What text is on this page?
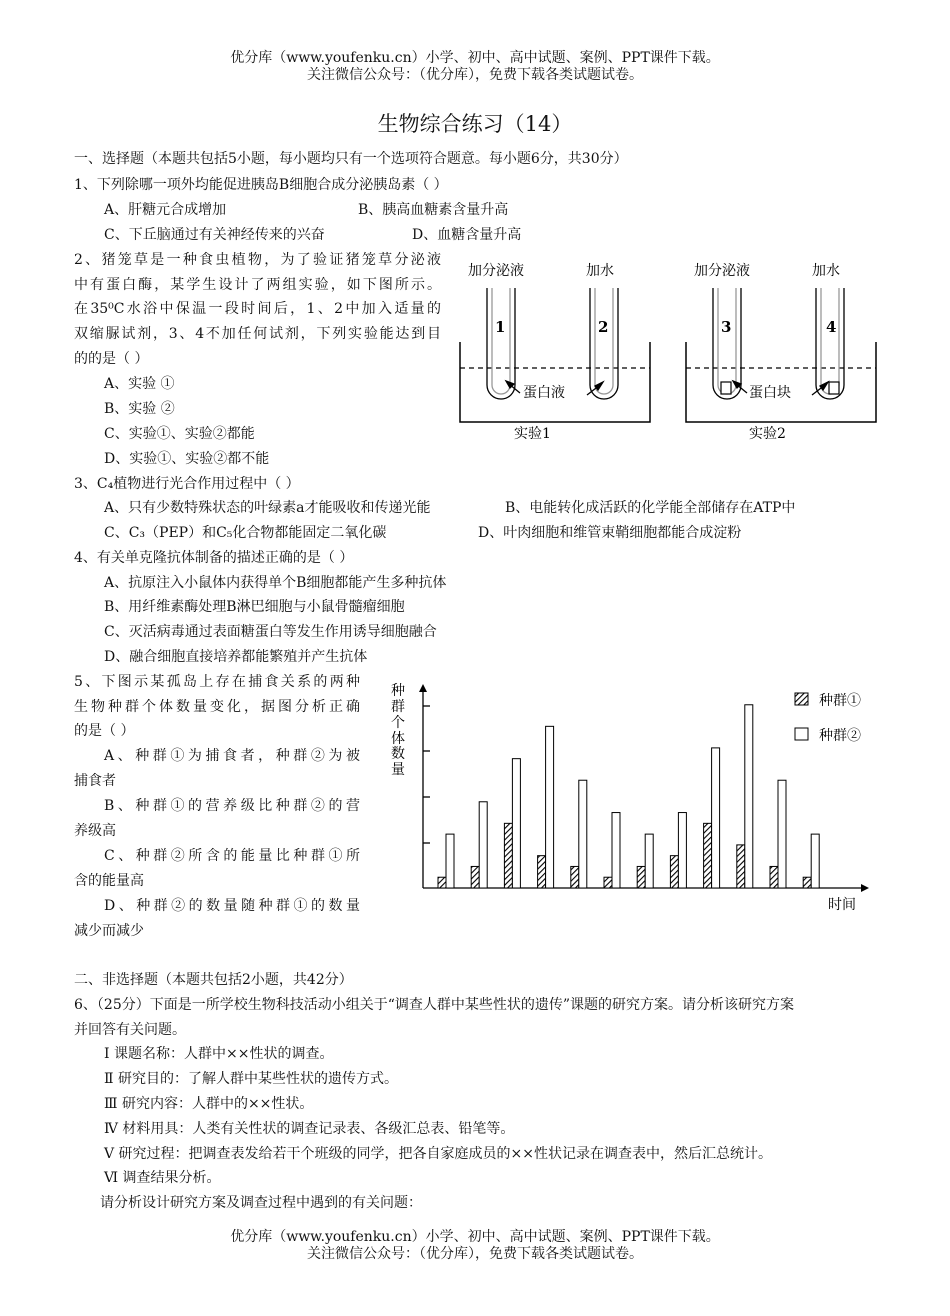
优分库（www.youfenku.cn）小学、初中、高中试题、案例、PPT课件下载。
关注微信公众号：（优分库），免费下载各类试题试卷。
生物综合练习（14）
一、选择题（本题共包括5小题，每小题均只有一个选项符合题意。每小题6分，共30分）
1、下列除哪一项外均能促进胰岛B细胞合成分泌胰岛素（ ）
A、肝糖元合成增加	B、胰高血糖素含量升高
C、下丘脑通过有关神经传来的兴奋	D、血糖含量升高
2、猪笼草是一种食虫植物，为了验证猪笼草分泌液
中有蛋白酶，某学生设计了两组实验，如下图所示。
在35⁰C水浴中保温一段时间后，1、2中加入适量的
双缩脲试剂，3、4不加任何试剂，下列实验能达到目
的的是（ ）
A、实验 ①
B、实验 ②
C、实验①、实验②都能
D、实验①、实验②都不能
加分泌液	加水	加分泌液	加水
1	2	3	4
蛋白液	蛋白块
实验1	实验2
3、C₄植物进行光合作用过程中（ ）
A、只有少数特殊状态的叶绿素a才能吸收和传递光能	B、电能转化成活跃的化学能全部储存在ATP中
C、C₃（PEP）和C₅化合物都能固定二氧化碳	D、叶肉细胞和维管束鞘细胞都能合成淀粉
4、有关单克隆抗体制备的描述正确的是（ ）
A、抗原注入小鼠体内获得单个B细胞都能产生多种抗体
B、用纤维素酶处理B淋巴细胞与小鼠骨髓瘤细胞
C、灭活病毒通过表面糖蛋白等发生作用诱导细胞融合
D、融合细胞直接培养都能繁殖并产生抗体
5、下图示某孤岛上存在捕食关系的两种
生物种群个体数量变化，据图分析正确
的是（ ）
A、种群①为捕食者，种群②为被
捕食者
B、种群①的营养级比种群②的营
养级高
C、种群②所含的能量比种群①所
含的能量高
D、种群②的数量随种群①的数量
减少而减少
种
群
个
体
数
量
时间
种群①
种群②
二、非选择题（本题共包括2小题，共42分）
6、（25分）下面是一所学校生物科技活动小组关于“调查人群中某些性状的遗传”课题的研究方案。请分析该研究方案
并回答有关问题。
Ⅰ 课题名称：人群中××性状的调查。
Ⅱ 研究目的：了解人群中某些性状的遗传方式。
Ⅲ 研究内容：人群中的××性状。
Ⅳ 材料用具：人类有关性状的调查记录表、各级汇总表、铅笔等。
Ⅴ 研究过程：把调查表发给若干个班级的同学，把各自家庭成员的××性状记录在调查表中，然后汇总统计。
Ⅵ 调查结果分析。
请分析设计研究方案及调查过程中遇到的有关问题：
优分库（www.youfenku.cn）小学、初中、高中试题、案例、PPT课件下载。
关注微信公众号：（优分库），免费下载各类试题试卷。
